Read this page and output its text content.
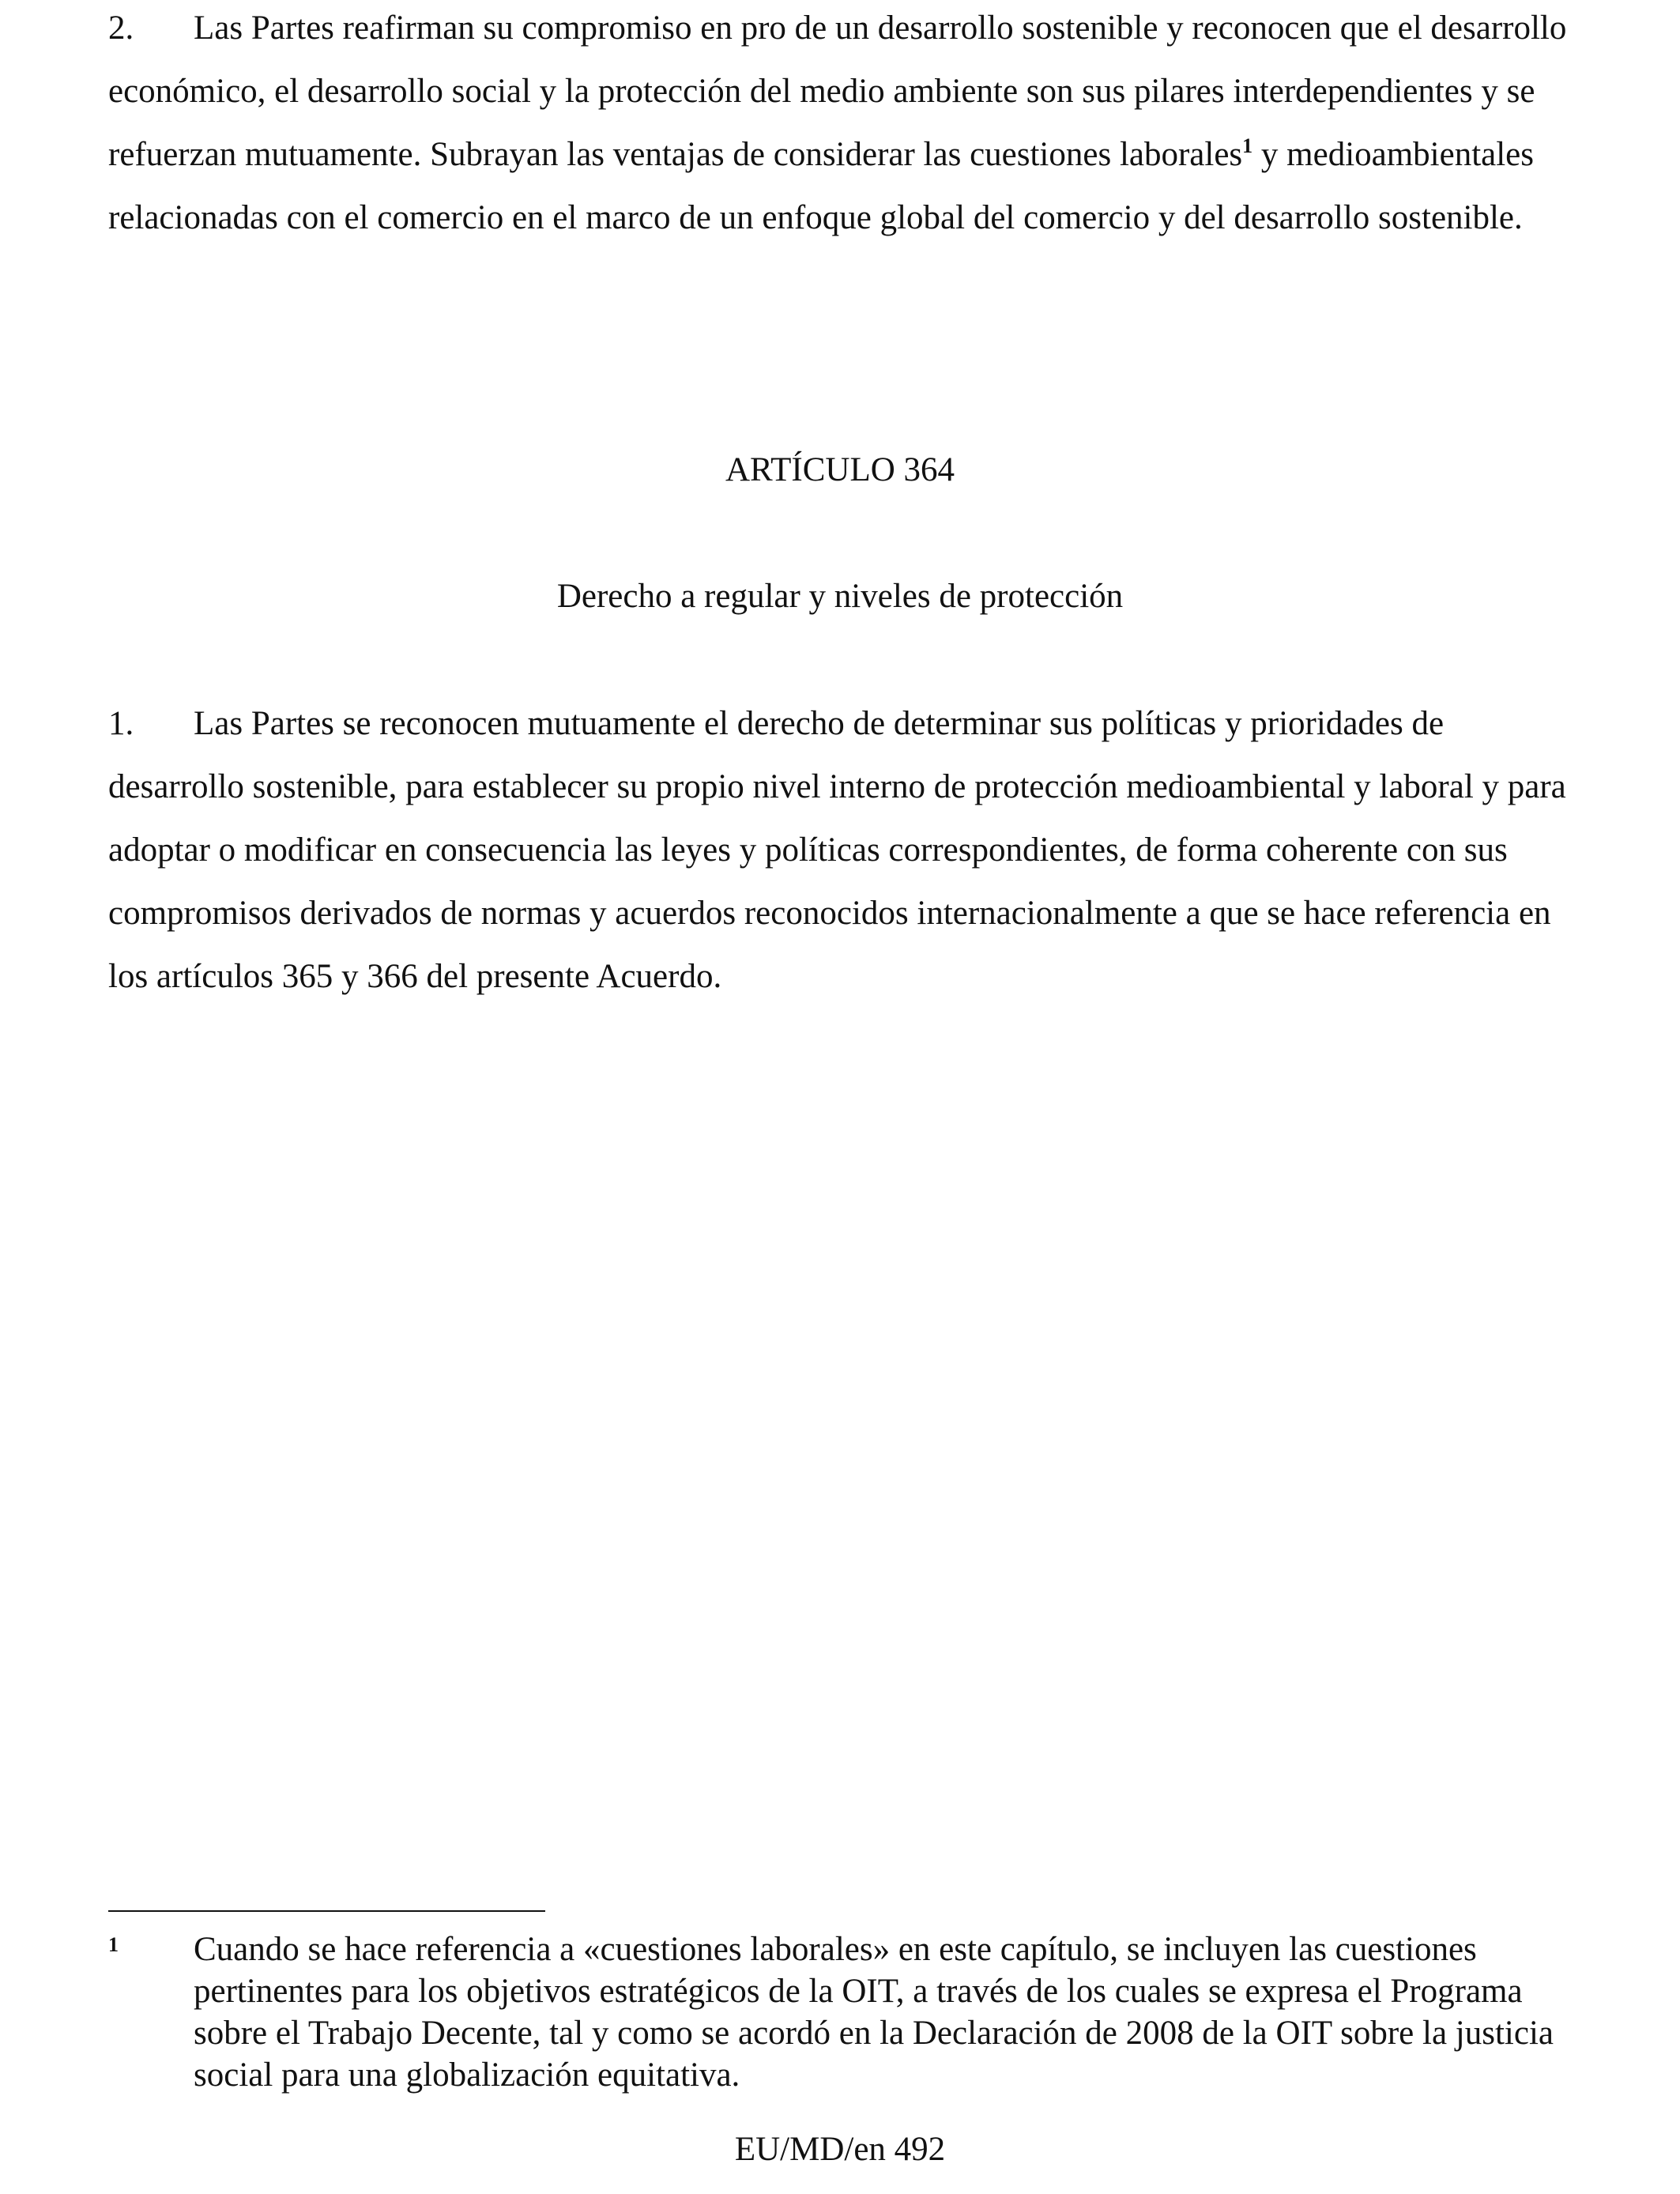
2. Las Partes reafirman su compromiso en pro de un desarrollo sostenible y reconocen que el desarrollo económico, el desarrollo social y la protección del medio ambiente son sus pilares interdependientes y se refuerzan mutuamente. Subrayan las ventajas de considerar las cuestiones laborales$^1$ y medioambientales relacionadas con el comercio en el marco de un enfoque global del comercio y del desarrollo sostenible.

ARTÍCULO 364

Derecho a regular y niveles de protección

1. Las Partes se reconocen mutuamente el derecho de determinar sus políticas y prioridades de desarrollo sostenible, para establecer su propio nivel interno de protección medioambiental y laboral y para adoptar o modificar en consecuencia las leyes y políticas correspondientes, de forma coherente con sus compromisos derivados de normas y acuerdos reconocidos internacionalmente a que se hace referencia en los artículos 365 y 366 del presente Acuerdo.

1 Cuando se hace referencia a «cuestiones laborales» en este capítulo, se incluyen las cuestiones pertinentes para los objetivos estratégicos de la OIT, a través de los cuales se expresa el Programa sobre el Trabajo Decente, tal y como se acordó en la Declaración de 2008 de la OIT sobre la justicia social para una globalización equitativa.
EU/MD/en 492
